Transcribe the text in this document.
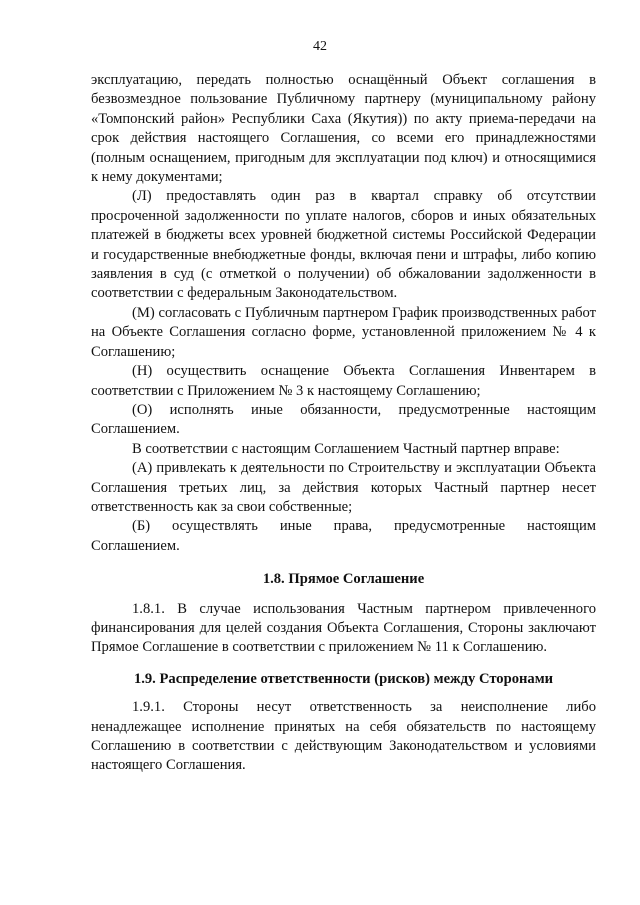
42

эксплуатацию, передать полностью оснащённый Объект соглашения в безвозмездное пользование Публичному партнеру (муниципальному району «Томпонский район» Республики Саха (Якутия)) по акту приема-передачи на срок действия настоящего Соглашения, со всеми его принадлежностями (полным оснащением, пригодным для эксплуатации под ключ) и относящимися к нему документами;

(Л) предоставлять один раз в квартал справку об отсутствии просроченной задолженности по уплате налогов, сборов и иных обязательных платежей в бюджеты всех уровней бюджетной системы Российской Федерации и государственные внебюджетные фонды, включая пени и штрафы, либо копию заявления в суд (с отметкой о получении) об обжаловании задолженности в соответствии с федеральным Законодательством.

(М) согласовать с Публичным партнером График производственных работ на Объекте Соглашения согласно форме, установленной приложением № 4 к Соглашению;

(Н) осуществить оснащение Объекта Соглашения Инвентарем в соответствии с Приложением № 3 к настоящему Соглашению;

(О) исполнять иные обязанности, предусмотренные настоящим Соглашением.

В соответствии с настоящим Соглашением Частный партнер вправе:

(А) привлекать к деятельности по Строительству и эксплуатации Объекта Соглашения третьих лиц, за действия которых Частный партнер несет ответственность как за свои собственные;

(Б) осуществлять иные права, предусмотренные настоящим Соглашением.

1.8. Прямое Соглашение

1.8.1. В случае использования Частным партнером привлеченного финансирования для целей создания Объекта Соглашения, Стороны заключают Прямое Соглашение в соответствии с приложением № 11 к Соглашению.

1.9. Распределение ответственности (рисков) между Сторонами

1.9.1. Стороны несут ответственность за неисполнение либо ненадлежащее исполнение принятых на себя обязательств по настоящему Соглашению в соответствии с действующим Законодательством и условиями настоящего Соглашения.
